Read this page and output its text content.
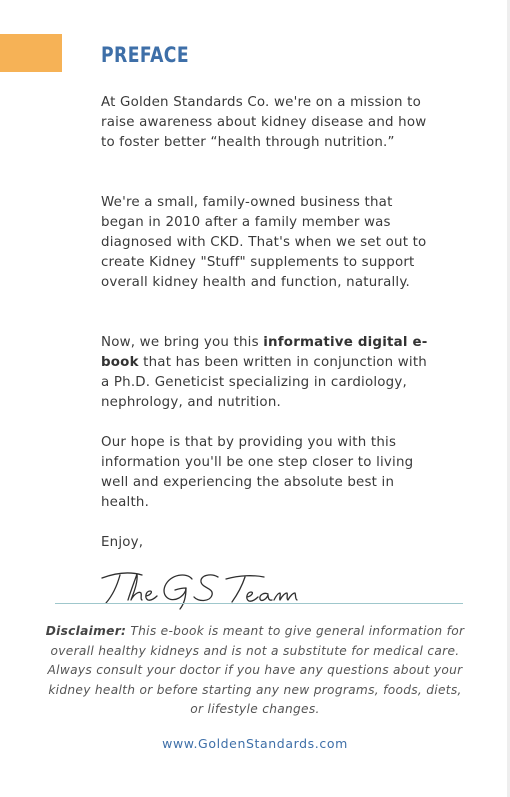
PREFACE

At Golden Standards Co. we're on a mission to raise awareness about kidney disease and how to foster better “health through nutrition.”

We're a small, family-owned business that began in 2010 after a family member was diagnosed with CKD. That's when we set out to create Kidney "Stuff" supplements to support overall kidney health and function, naturally.

Now, we bring you this informative digital e-book that has been written in conjunction with a Ph.D. Geneticist specializing in cardiology, nephrology, and nutrition.

Our hope is that by providing you with this information you'll be one step closer to living well and experiencing the absolute best in health.

Enjoy,

Disclaimer: This e-book is meant to give general information for overall healthy kidneys and is not a substitute for medical care. Always consult your doctor if you have any questions about your kidney health or before starting any new programs, foods, diets, or lifestyle changes.

www.GoldenStandards.com
